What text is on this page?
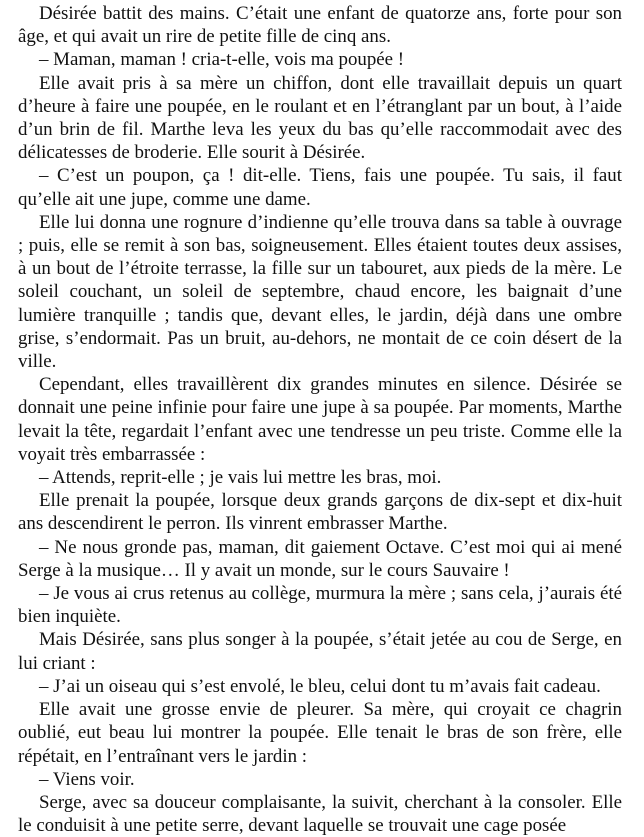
Désirée battit des mains. C’était une enfant de quatorze ans, forte pour son âge, et qui avait un rire de petite fille de cinq ans.

– Maman, maman ! cria-t-elle, vois ma poupée !

Elle avait pris à sa mère un chiffon, dont elle travaillait depuis un quart d’heure à faire une poupée, en le roulant et en l’étranglant par un bout, à l’aide d’un brin de fil. Marthe leva les yeux du bas qu’elle raccommodait avec des délicatesses de broderie. Elle sourit à Désirée.

– C’est un poupon, ça ! dit-elle. Tiens, fais une poupée. Tu sais, il faut qu’elle ait une jupe, comme une dame.

Elle lui donna une rognure d’indienne qu’elle trouva dans sa table à ouvrage ; puis, elle se remit à son bas, soigneusement. Elles étaient toutes deux assises, à un bout de l’étroite terrasse, la fille sur un tabouret, aux pieds de la mère. Le soleil couchant, un soleil de septembre, chaud encore, les baignait d’une lumière tranquille ; tandis que, devant elles, le jardin, déjà dans une ombre grise, s’endormait. Pas un bruit, au-dehors, ne montait de ce coin désert de la ville.

Cependant, elles travaillèrent dix grandes minutes en silence. Désirée se donnait une peine infinie pour faire une jupe à sa poupée. Par moments, Marthe levait la tête, regardait l’enfant avec une tendresse un peu triste. Comme elle la voyait très embarrassée :

– Attends, reprit-elle ; je vais lui mettre les bras, moi.

Elle prenait la poupée, lorsque deux grands garçons de dix-sept et dix-huit ans descendirent le perron. Ils vinrent embrasser Marthe.

– Ne nous gronde pas, maman, dit gaiement Octave. C’est moi qui ai mené Serge à la musique… Il y avait un monde, sur le cours Sauvaire !

– Je vous ai crus retenus au collège, murmura la mère ; sans cela, j’aurais été bien inquiète.

Mais Désirée, sans plus songer à la poupée, s’était jetée au cou de Serge, en lui criant :

– J’ai un oiseau qui s’est envolé, le bleu, celui dont tu m’avais fait cadeau.

Elle avait une grosse envie de pleurer. Sa mère, qui croyait ce chagrin oublié, eut beau lui montrer la poupée. Elle tenait le bras de son frère, elle répétait, en l’entraînant vers le jardin :

– Viens voir.

Serge, avec sa douceur complaisante, la suivit, cherchant à la consoler. Elle le conduisit à une petite serre, devant laquelle se trouvait une cage posée
